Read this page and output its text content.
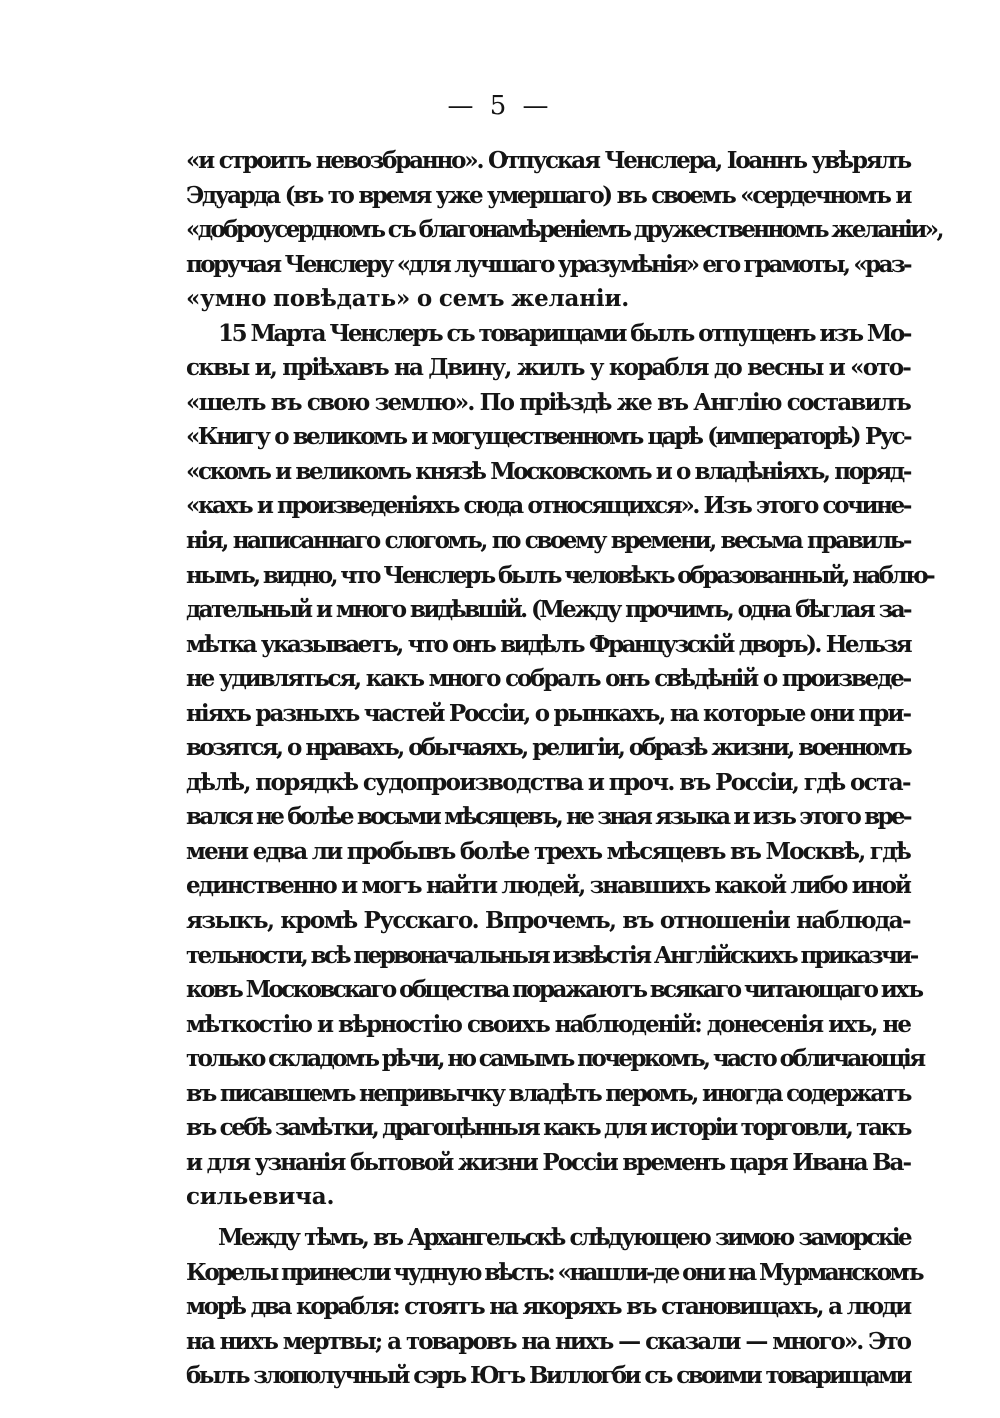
— 5 —
«и строить невозбранно». Отпуская Ченслера, Іоаннъ увѣрялъ
Эдуарда (въ то время уже умершаго) въ своемъ «сердечномъ и
«доброусердномъ съ благонамѣреніемъ дружественномъ желаніи»,
поручая Ченслеру «для лучшаго уразумѣнія» его грамоты, «раз-
«умно повѣдать» о семъ желаніи.
15 Марта Ченслеръ съ товарищами былъ отпущенъ изъ Мо-
сквы и, пріѣхавъ на Двину, жилъ у корабля до весны и «ото-
«шелъ въ свою землю». По пріѣздѣ же въ Англію составилъ
«Книгу о великомъ и могущественномъ царѣ (императорѣ) Рус-
«скомъ и великомъ князѣ Московскомъ и о владѣніяхъ, поряд-
«кахъ и произведеніяхъ сюда относящихся». Изъ этого сочине-
нія, написаннаго слогомъ, по своему времени, весьма правиль-
нымъ, видно, что Ченслеръ былъ человѣкъ образованный, наблю-
дательный и много видѣвшій. (Между прочимъ, одна бѣглая за-
мѣтка указываетъ, что онъ видѣлъ Французскій дворъ). Нельзя
не удивляться, какъ много собралъ онъ свѣдѣній о произведе-
ніяхъ разныхъ частей Россіи, о рынкахъ, на которые они при-
возятся, о нравахъ, обычаяхъ, религіи, образѣ жизни, военномъ
дѣлѣ, порядкѣ судопроизводства и проч. въ Россіи, гдѣ оста-
вался не болѣе восьми мѣсяцевъ, не зная языка и изъ этого вре-
мени едва ли пробывъ болѣе трехъ мѣсяцевъ въ Москвѣ, гдѣ
единственно и могъ найти людей, знавшихъ какой либо иной
языкъ, кромѣ Русскаго. Впрочемъ, въ отношеніи наблюда-
тельности, всѣ первоначальныя извѣстія Англійскихъ приказчи-
ковъ Московскаго общества поражаютъ всякаго читающаго ихъ
мѣткостію и вѣрностію своихъ наблюденій: донесенія ихъ, не
только складомъ рѣчи, но самымъ почеркомъ, часто обличающія
въ писавшемъ непривычку владѣть перомъ, иногда содержатъ
въ себѣ замѣтки, драгоцѣнныя какъ для исторіи торговли, такъ
и для узнанія бытовой жизни Россіи временъ царя Ивана Ва-
сильевича.
Между тѣмъ, въ Архангельскѣ слѣдующею зимою заморскіе
Корелы принесли чудную вѣсть: «нашли-де они на Мурманскомъ
морѣ два корабля: стоятъ на якоряхъ въ становищахъ, а люди
на нихъ мертвы; а товаровъ на нихъ — сказали — много». Это
былъ злополучный сэръ Югъ Виллогби съ своими товарищами
